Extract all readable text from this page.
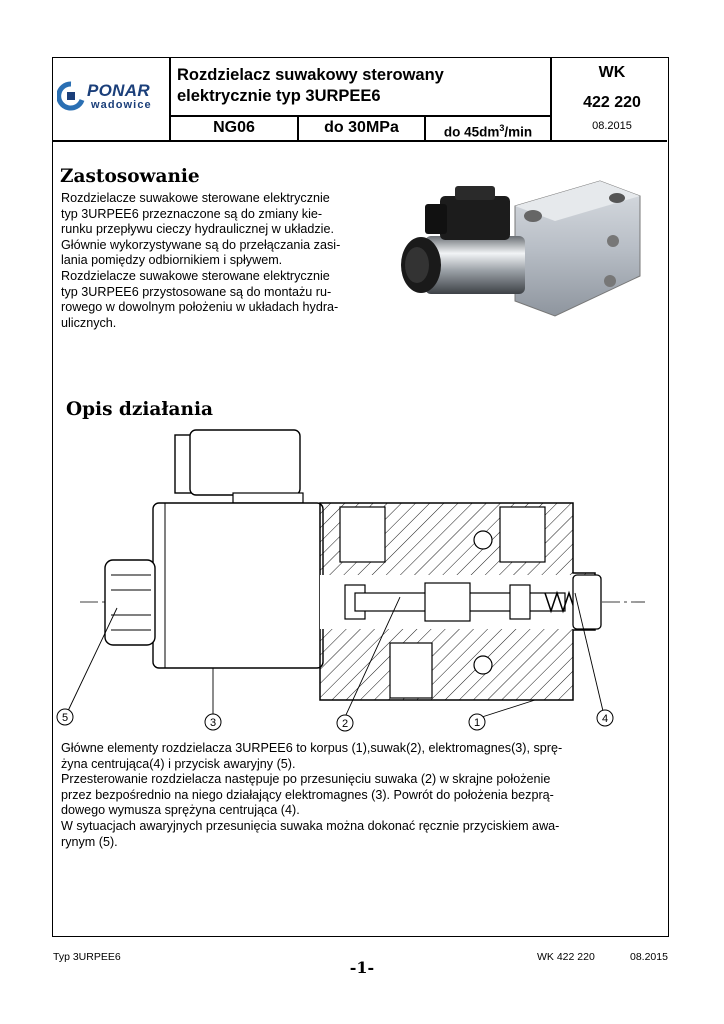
PONAR
wadowice
Rozdzielacz suwakowy sterowany
elektrycznie typ 3URPEE6
WK
422 220
NG06	do 30MPa	do $45dm^3/\min$	08.2015
Zastosowanie

Rozdzielacze suwakowe sterowane elektrycznie

typ 3URPEE6 przeznaczone są do zmiany kie-

runku przepływu cieczy hydraulicznej w układzie.

Głównie wykorzystywane są do przełączania zasi-

lania pomiędzy odbiornikiem i spływem.

Rozdzielacze suwakowe sterowane elektrycznie

typ 3URPEE6 przystosowane są do montażu ru-

rowego w dowolnym położeniu w układach hydra-

ulicznych.

Opis działania
5	3	2	1	4

Główne elementy rozdzielacza 3URPEE6 to korpus (1),suwak(2), elektromagnes(3), sprę-

żyna centrująca(4) i przycisk awaryjny (5).

Przesterowanie rozdzielacza następuje po przesunięciu suwaka (2) w skrajne położenie

przez bezpośrednio na niego działający elektromagnes (3). Powrót do położenia bezprą-

dowego wymusza sprężyna centrująca (4).

W sytuacjach awaryjnych przesunięcia suwaka można dokonać ręcznie przyciskiem awa-

rynym (5).

Typ 3URPEE6	WK 422 220	08.2015
-1-
